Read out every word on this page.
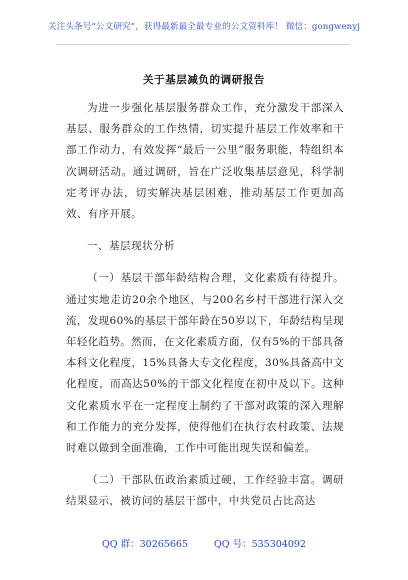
关注头条号“公文研究”，获得最新最全最专业的公文资料库！ 微信：gongwenyj
关于基层减负的调研报告

为进一步强化基层服务群众工作，充分激发干部深入基层、服务群众的工作热情，切实提升基层工作效率和干部工作动力，有效发挥“最后一公里”服务职能，特组织本次调研活动。通过调研，旨在广泛收集基层意见，科学制定考评办法，切实解决基层困难，推动基层工作更加高效、有序开展。

一、基层现状分析

（一）基层干部年龄结构合理，文化素质有待提升。通过实地走访20余个地区，与200名乡村干部进行深入交流，发现60%的基层干部年龄在50岁以下，年龄结构呈现年轻化趋势。然而，在文化素质方面，仅有5%的干部具备本科文化程度，15%具备大专文化程度，30%具备高中文化程度，而高达50%的干部文化程度在初中及以下。这种文化素质水平在一定程度上制约了干部对政策的深入理解和工作能力的充分发挥，使得他们在执行农村政策、法规时难以做到全面准确，工作中可能出现失误和偏差。

（二）干部队伍政治素质过硬，工作经验丰富。调研结果显示，被访问的基层干部中，中共党员占比高达

QQ 群：30265665	QQ 号：535304092
